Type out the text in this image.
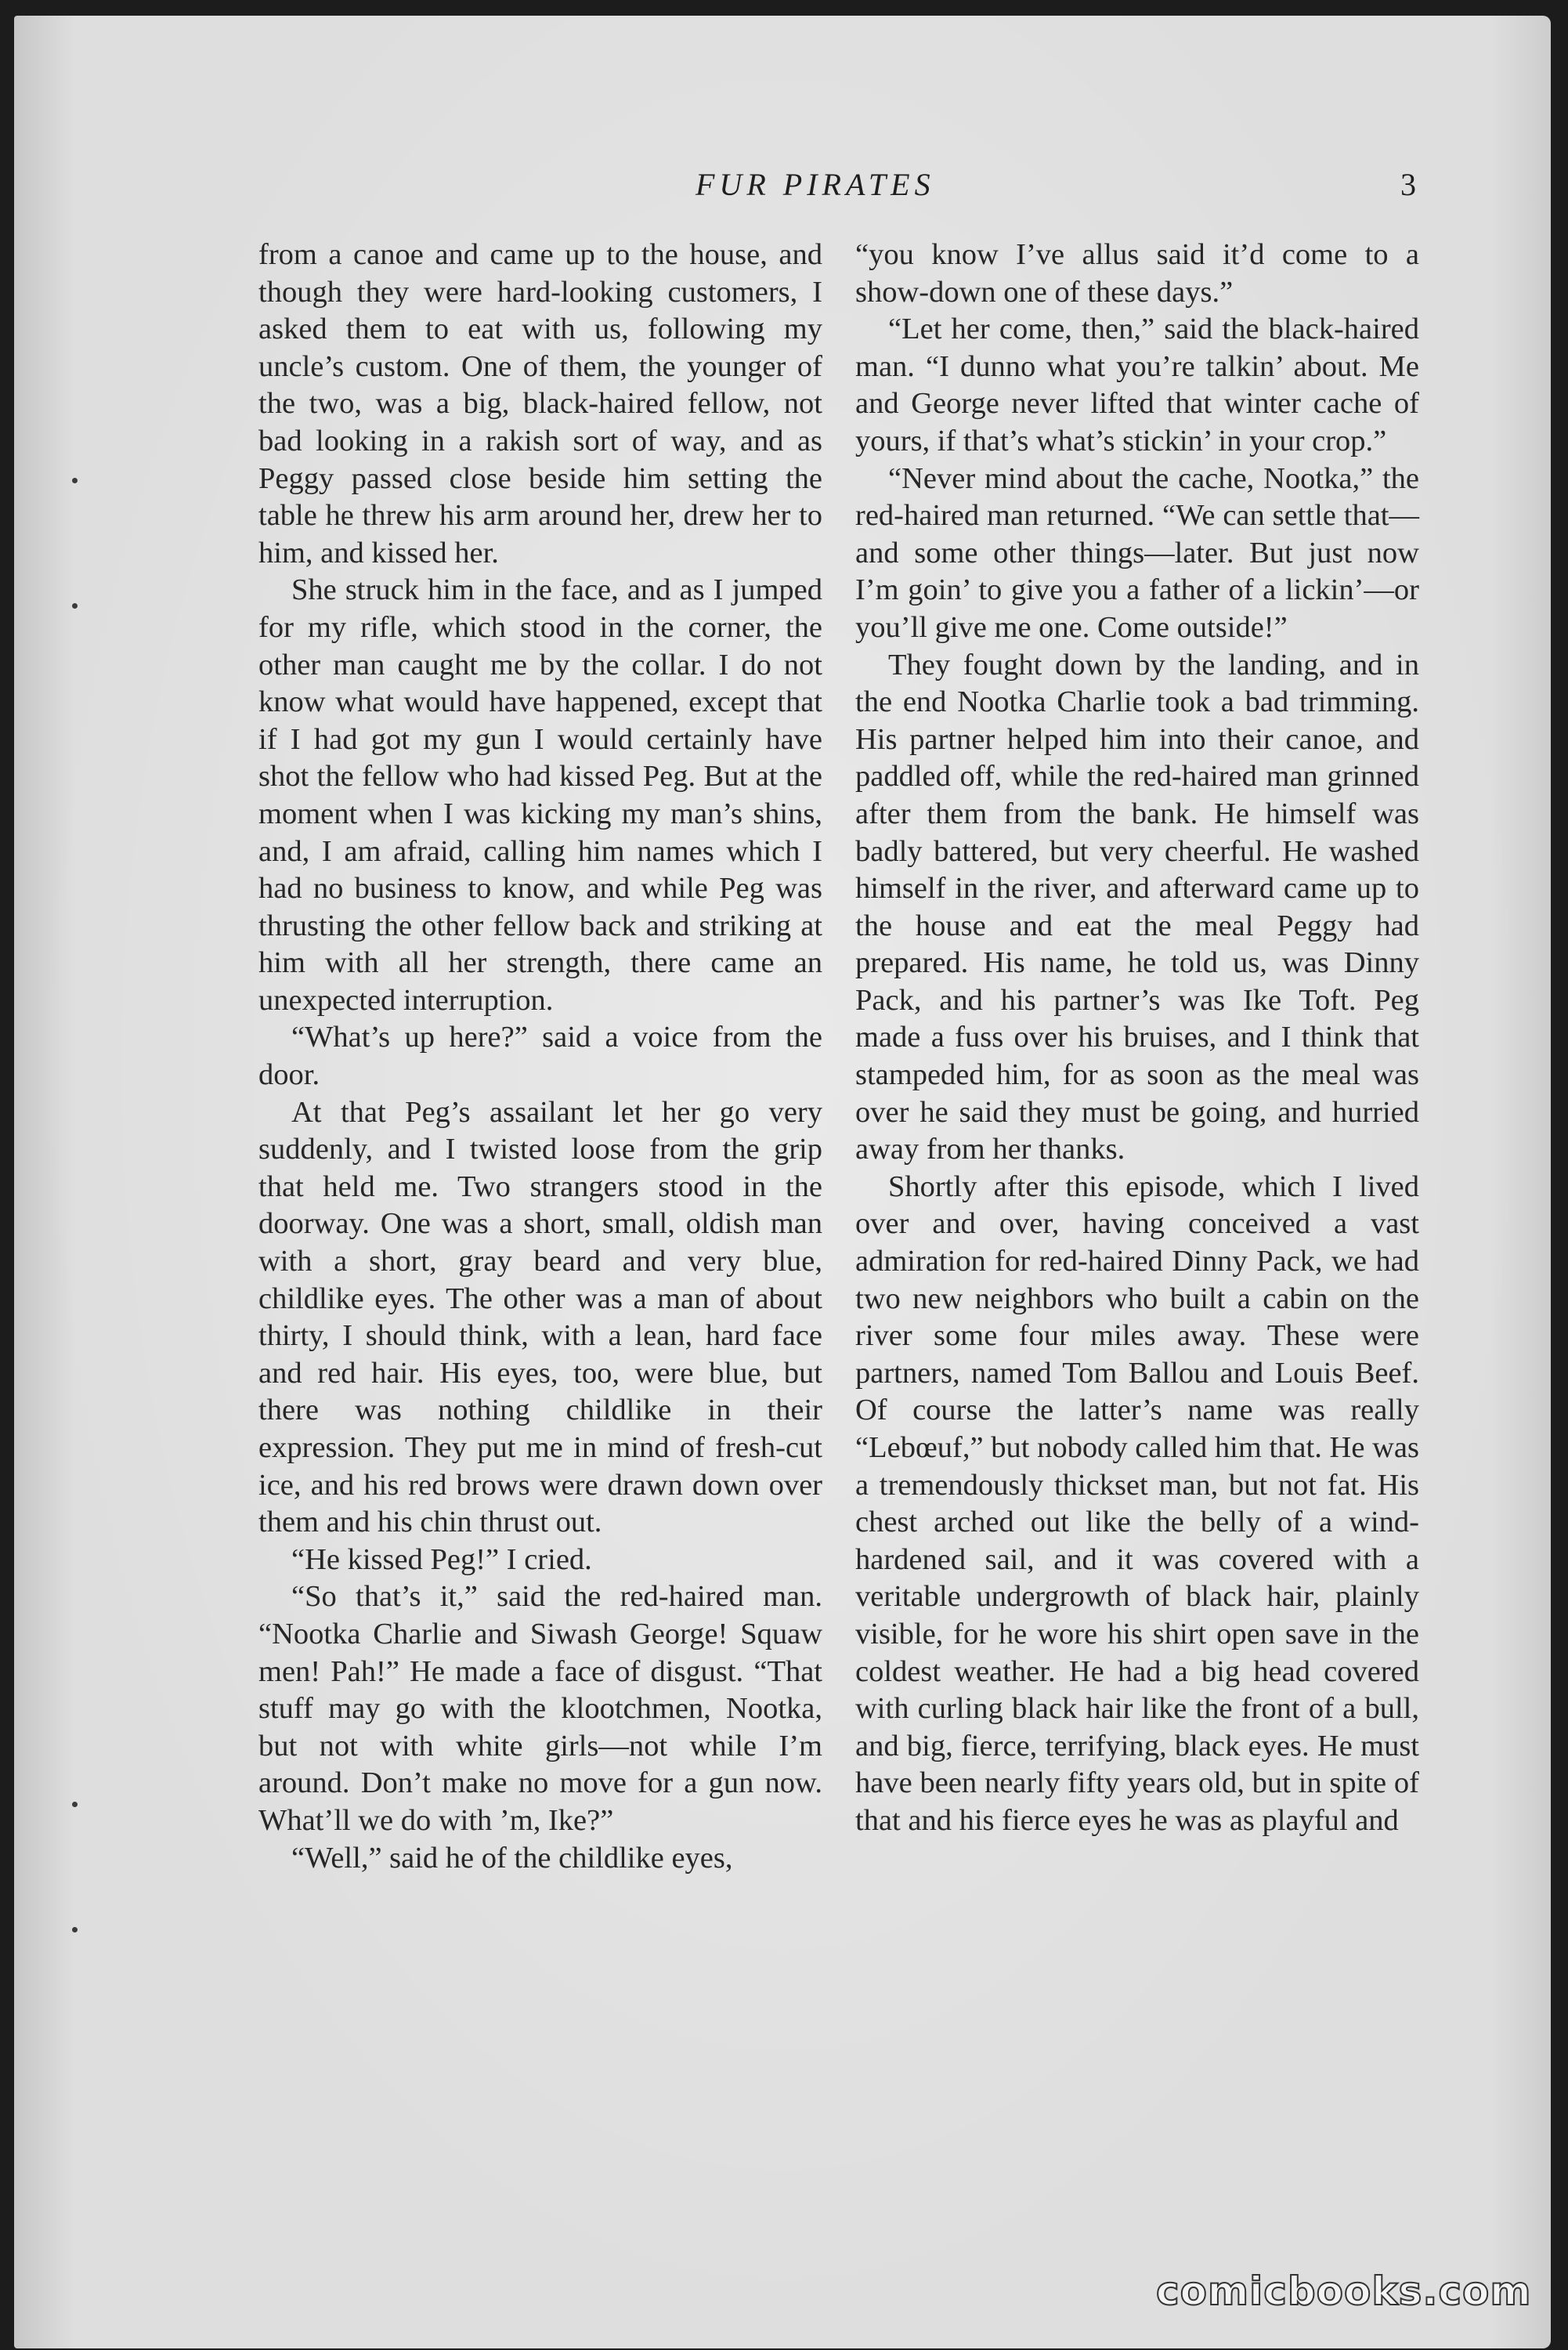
FUR PIRATES	3

from a canoe and came up to the house, and though they were hard-looking customers, I asked them to eat with us, following my uncle’s custom. One of them, the younger of the two, was a big, black-haired fellow, not bad looking in a rakish sort of way, and as Peggy passed close beside him setting the table he threw his arm around her, drew her to him, and kissed her.

She struck him in the face, and as I jumped for my rifle, which stood in the corner, the other man caught me by the collar. I do not know what would have happened, except that if I had got my gun I would certainly have shot the fellow who had kissed Peg. But at the moment when I was kicking my man’s shins, and, I am afraid, calling him names which I had no business to know, and while Peg was thrusting the other fellow back and striking at him with all her strength, there came an unexpected interruption.

“What’s up here?” said a voice from the door.

At that Peg’s assailant let her go very suddenly, and I twisted loose from the grip that held me. Two strangers stood in the doorway. One was a short, small, oldish man with a short, gray beard and very blue, childlike eyes. The other was a man of about thirty, I should think, with a lean, hard face and red hair. His eyes, too, were blue, but there was nothing childlike in their expression. They put me in mind of fresh-cut ice, and his red brows were drawn down over them and his chin thrust out.

“He kissed Peg!” I cried.

“So that’s it,” said the red-haired man. “Nootka Charlie and Siwash George! Squaw men! Pah!” He made a face of disgust. “That stuff may go with the klootchmen, Nootka, but not with white girls—not while I’m around. Don’t make no move for a gun now. What’ll we do with ’m, Ike?”

“Well,” said he of the childlike eyes,

“you know I’ve allus said it’d come to a show-down one of these days.”

“Let her come, then,” said the black-haired man. “I dunno what you’re talkin’ about. Me and George never lifted that winter cache of yours, if that’s what’s stickin’ in your crop.”

“Never mind about the cache, Nootka,” the red-haired man returned. “We can settle that—and some other things—later. But just now I’m goin’ to give you a father of a lickin’—or you’ll give me one. Come outside!”

They fought down by the landing, and in the end Nootka Charlie took a bad trimming. His partner helped him into their canoe, and paddled off, while the red-haired man grinned after them from the bank. He himself was badly battered, but very cheerful. He washed himself in the river, and afterward came up to the house and eat the meal Peggy had prepared. His name, he told us, was Dinny Pack, and his partner’s was Ike Toft. Peg made a fuss over his bruises, and I think that stampeded him, for as soon as the meal was over he said they must be going, and hurried away from her thanks.

Shortly after this episode, which I lived over and over, having conceived a vast admiration for red-haired Dinny Pack, we had two new neighbors who built a cabin on the river some four miles away. These were partners, named Tom Ballou and Louis Beef. Of course the latter’s name was really “Lebœuf,” but nobody called him that. He was a tremendously thickset man, but not fat. His chest arched out like the belly of a wind-hardened sail, and it was covered with a veritable undergrowth of black hair, plainly visible, for he wore his shirt open save in the coldest weather. He had a big head covered with curling black hair like the front of a bull, and big, fierce, terrifying, black eyes. He must have been nearly fifty years old, but in spite of that and his fierce eyes he was as playful and

comicbooks.com
